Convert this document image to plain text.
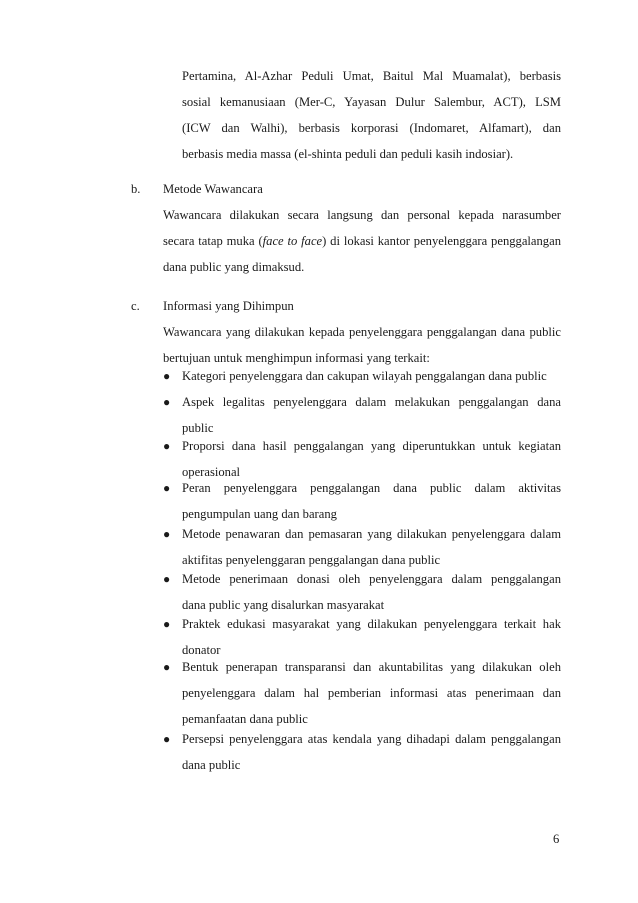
Pertamina, Al-Azhar Peduli Umat, Baitul Mal Muamalat), berbasis
sosial kemanusiaan (Mer-C, Yayasan Dulur Salembur, ACT), LSM
(ICW dan Walhi), berbasis korporasi (Indomaret, Alfamart), dan
berbasis media massa (el-shinta peduli dan peduli kasih indosiar).
b. Metode Wawancara
Wawancara dilakukan secara langsung dan personal kepada narasumber
secara tatap muka (face to face) di lokasi kantor penyelenggara penggalangan
dana public yang dimaksud.
c. Informasi yang Dihimpun
Wawancara yang dilakukan kepada penyelenggara penggalangan dana public
bertujuan untuk menghimpun informasi yang terkait:
● Kategori penyelenggara dan cakupan wilayah penggalangan dana public
● Aspek legalitas penyelenggara dalam melakukan penggalangan dana
public
● Proporsi dana hasil penggalangan yang diperuntukkan untuk kegiatan
operasional
● Peran penyelenggara penggalangan dana public dalam aktivitas
pengumpulan uang dan barang
● Metode penawaran dan pemasaran yang dilakukan penyelenggara dalam
aktifitas penyelenggaran penggalangan dana public
● Metode penerimaan donasi oleh penyelenggara dalam penggalangan
dana public yang disalurkan masyarakat
● Praktek edukasi masyarakat yang dilakukan penyelenggara terkait hak
donator
● Bentuk penerapan transparansi dan akuntabilitas yang dilakukan oleh
penyelenggara dalam hal pemberian informasi atas penerimaan dan
pemanfaatan dana public
● Persepsi penyelenggara atas kendala yang dihadapi dalam penggalangan
dana public
6
